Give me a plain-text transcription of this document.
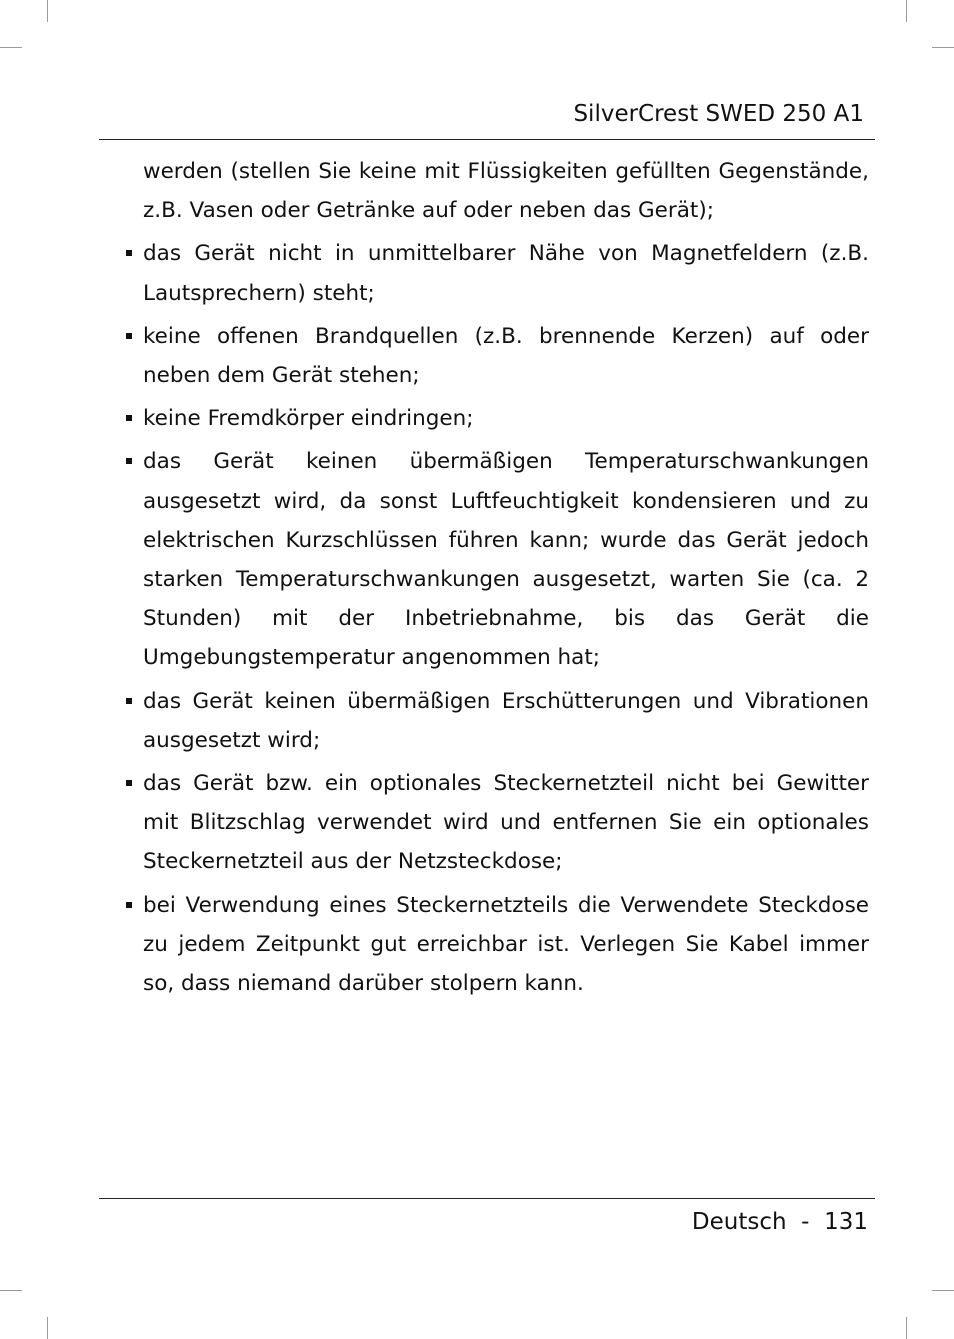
SilverCrest SWED 250 A1

werden (stellen Sie keine mit Flüssigkeiten gefüllten Gegenstände, z.B. Vasen oder Getränke auf oder neben das Gerät);

das Gerät nicht in unmittelbarer Nähe von Magnetfeldern (z.B. Lautsprechern) steht;

keine offenen Brandquellen (z.B. brennende Kerzen) auf oder neben dem Gerät stehen;

keine Fremdkörper eindringen;

das Gerät keinen übermäßigen Temperaturschwankungen ausgesetzt wird, da sonst Luftfeuchtigkeit kondensieren und zu elektrischen Kurzschlüssen führen kann; wurde das Gerät jedoch starken Temperaturschwankungen ausgesetzt, warten Sie (ca. 2 Stunden) mit der Inbetriebnahme, bis das Gerät die Umgebungstemperatur angenommen hat;

das Gerät keinen übermäßigen Erschütterungen und Vibrationen ausgesetzt wird;

das Gerät bzw. ein optionales Steckernetzteil nicht bei Gewitter mit Blitzschlag verwendet wird und entfernen Sie ein optionales Steckernetzteil aus der Netzsteckdose;

bei Verwendung eines Steckernetzteils die Verwendete Steckdose zu jedem Zeitpunkt gut erreichbar ist. Verlegen Sie Kabel immer so, dass niemand darüber stolpern kann.

Deutsch  -  131
